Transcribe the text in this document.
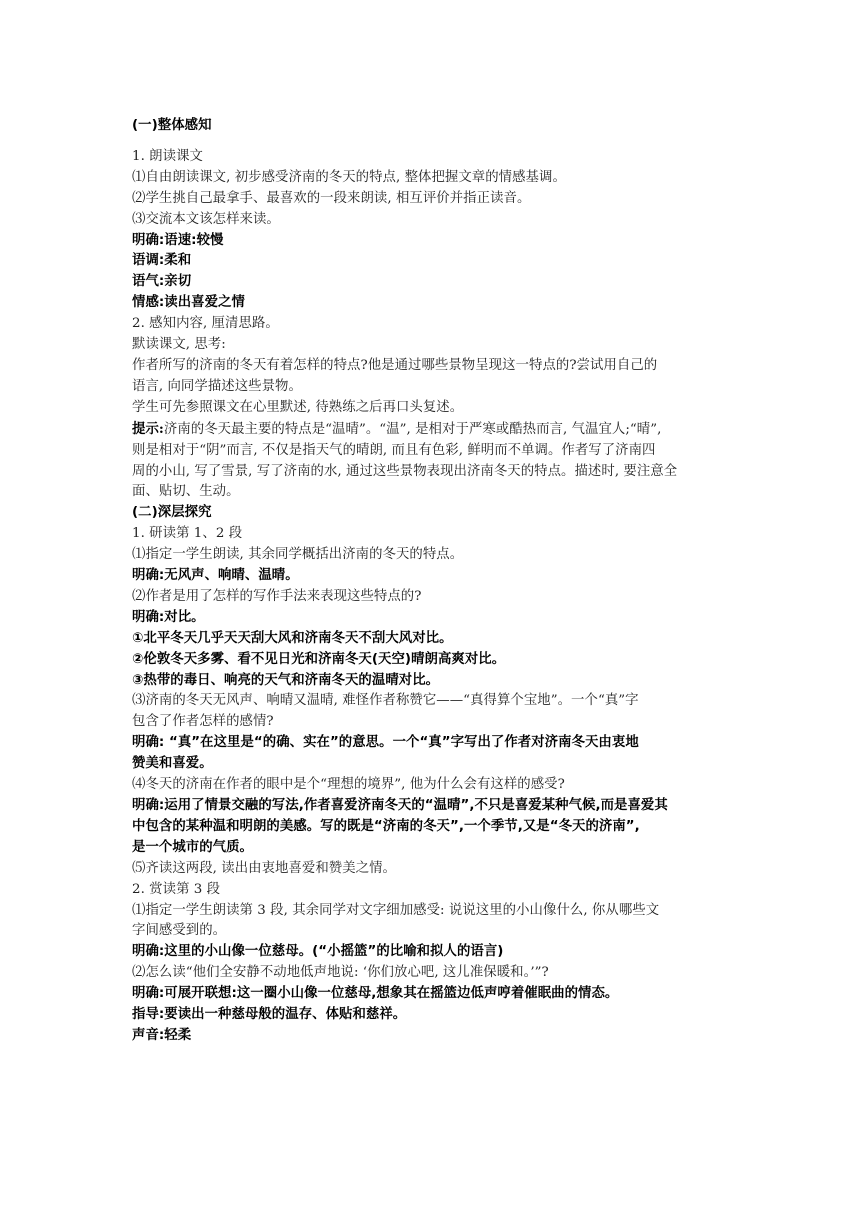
(一)整体感知
1. 朗读课文
⑴自由朗读课文, 初步感受济南的冬天的特点, 整体把握文章的情感基调。
⑵学生挑自己最拿手、最喜欢的一段来朗读, 相互评价并指正读音。
⑶交流本文该怎样来读。
明确:语速:较慢
语调:柔和
语气:亲切
情感:读出喜爱之情
2. 感知内容, 厘清思路。
默读课文, 思考:
作者所写的济南的冬天有着怎样的特点?他是通过哪些景物呈现这一特点的?尝试用自己的
语言, 向同学描述这些景物。
学生可先参照课文在心里默述, 待熟练之后再口头复述。
提示:济南的冬天最主要的特点是“温晴”。“温”, 是相对于严寒或酷热而言, 气温宜人;“晴”,
则是相对于“阴”而言, 不仅是指天气的晴朗, 而且有色彩, 鲜明而不单调。作者写了济南四
周的小山, 写了雪景, 写了济南的水, 通过这些景物表现出济南冬天的特点。描述时, 要注意全
面、贴切、生动。
(二)深层探究
1. 研读第 1、2 段
⑴指定一学生朗读, 其余同学概括出济南的冬天的特点。
明确:无风声、响晴、温晴。
⑵作者是用了怎样的写作手法来表现这些特点的?
明确:对比。
①北平冬天几乎天天刮大风和济南冬天不刮大风对比。
②伦敦冬天多雾、看不见日光和济南冬天(天空)晴朗高爽对比。
③热带的毒日、响亮的天气和济南冬天的温晴对比。
⑶济南的冬天无风声、响晴又温晴, 难怪作者称赞它——“真得算个宝地”。一个“真”字
包含了作者怎样的感情?
明确: “真”在这里是“的确、实在”的意思。一个“真”字写出了作者对济南冬天由衷地
赞美和喜爱。
⑷冬天的济南在作者的眼中是个“理想的境界”, 他为什么会有这样的感受?
明确:运用了情景交融的写法,作者喜爱济南冬天的“温晴”,不只是喜爱某种气候,而是喜爱其
中包含的某种温和明朗的美感。写的既是“济南的冬天”,一个季节,又是“冬天的济南”,
是一个城市的气质。
⑸齐读这两段, 读出由衷地喜爱和赞美之情。
2. 赏读第 3 段
⑴指定一学生朗读第 3 段, 其余同学对文字细加感受: 说说这里的小山像什么, 你从哪些文
字间感受到的。
明确:这里的小山像一位慈母。(“小摇篮”的比喻和拟人的语言)
⑵怎么读“他们全安静不动地低声地说: ‘你们放心吧, 这儿准保暖和。’”?
明确:可展开联想:这一圈小山像一位慈母,想象其在摇篮边低声哼着催眠曲的情态。
指导:要读出一种慈母般的温存、体贴和慈祥。
声音:轻柔
